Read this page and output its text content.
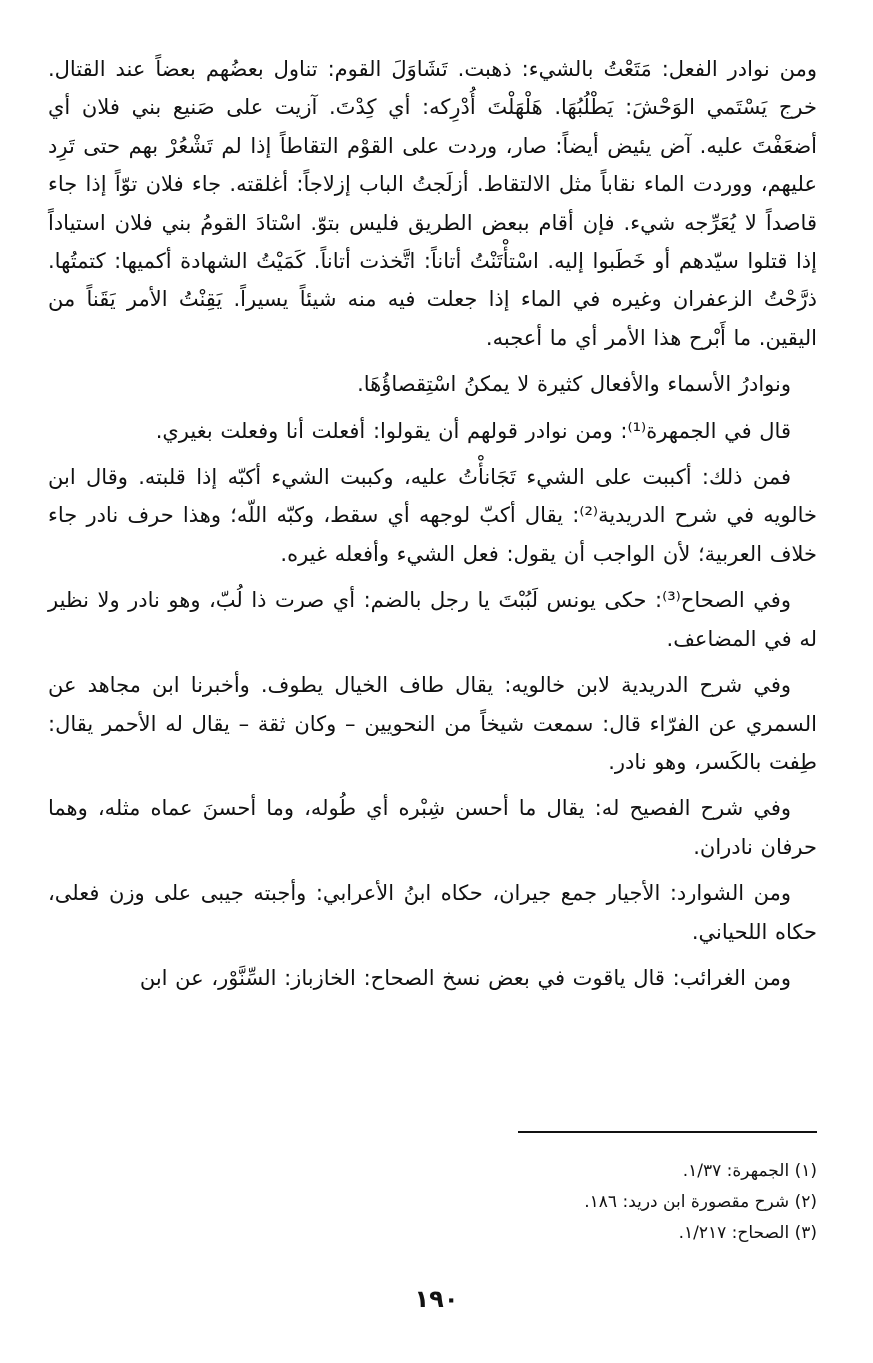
ومن نوادر الفعل: مَتَعْتُ بالشيء: ذهبت. تَشَاوَلَ القوم: تناول بعضُهم بعضاً عند القتال. خرج يَسْتَمي الوَحْشَ: يَطْلُبُهَا. هَلْهَلْتَ أُدْرِكه: أي كِدْتَ. آزيت على صَنيع بني فلان أي أضعَفْتَ عليه. آض يئيض أيضاً: صار، وردت على القوْم التقاطاً إذا لم تَشْعُرْ بهم حتى تَرِد عليهم، ووردت الماء نقاباً مثل الالتقاط. أزلَجتُ الباب إزلاجاً: أغلقته. جاء فلان توّاً إذا جاء قاصداً لا يُعَرِّجه شيء. فإن أقام ببعض الطريق فليس بتوّ. اسْتادَ القومُ بني فلان استياداً إذا قتلوا سيّدهم أو خَطَبوا إليه. اسْتأْتَنْتُ أتاناً: اتَّخذت أتاناً. كَمَيْتُ الشهادة أكميها: كتمتُها. ذرَّحْتُ الزعفران وغيره في الماء إذا جعلت فيه منه شيئاً يسيراً. يَقِنْتُ الأمر يَقَناً من اليقين. ما أَبْرح هذا الأمر أي ما أعجبه.

ونوادرُ الأسماء والأفعال كثيرة لا يمكنُ اسْتِقصاؤُهَا.

قال في الجمهرة⁽¹⁾: ومن نوادر قولهم أن يقولوا: أفعلت أنا وفعلت بغيري.

فمن ذلك: أكببت على الشيء تَجَانأْتُ عليه، وكببت الشيء أكبّه إذا قلبته. وقال ابن خالويه في شرح الدريدية⁽²⁾: يقال أكبّ لوجهه أي سقط، وكبّه اللّه؛ وهذا حرف نادر جاء خلاف العربية؛ لأن الواجب أن يقول: فعل الشيء وأفعله غيره.

وفي الصحاح⁽³⁾: حكى يونس لَبُبْتَ يا رجل بالضم: أي صرت ذا لُبّ، وهو نادر ولا نظير له في المضاعف.

وفي شرح الدريدية لابن خالويه: يقال طاف الخيال يطوف. وأخبرنا ابن مجاهد عن السمري عن الفرّاء قال: سمعت شيخاً من النحويين – وكان ثقة – يقال له الأحمر يقال: طِفت بالكَسر، وهو نادر.

وفي شرح الفصيح له: يقال ما أحسن شِبْره أي طُوله، وما أحسنَ عماه مثله، وهما حرفان نادران.

ومن الشوارد: الأجيار جمع جيران، حكاه ابنُ الأعرابي: وأجبته جيبى على وزن فعلى، حكاه اللحياني.

ومن الغرائب: قال ياقوت في بعض نسخ الصحاح: الخازباز: السِّنَّوْر، عن ابن

(١) الجمهرة: ١/٣٧.
(٢) شرح مقصورة ابن دريد: ١٨٦.
(٣) الصحاح: ١/٢١٧.
١٩٠
